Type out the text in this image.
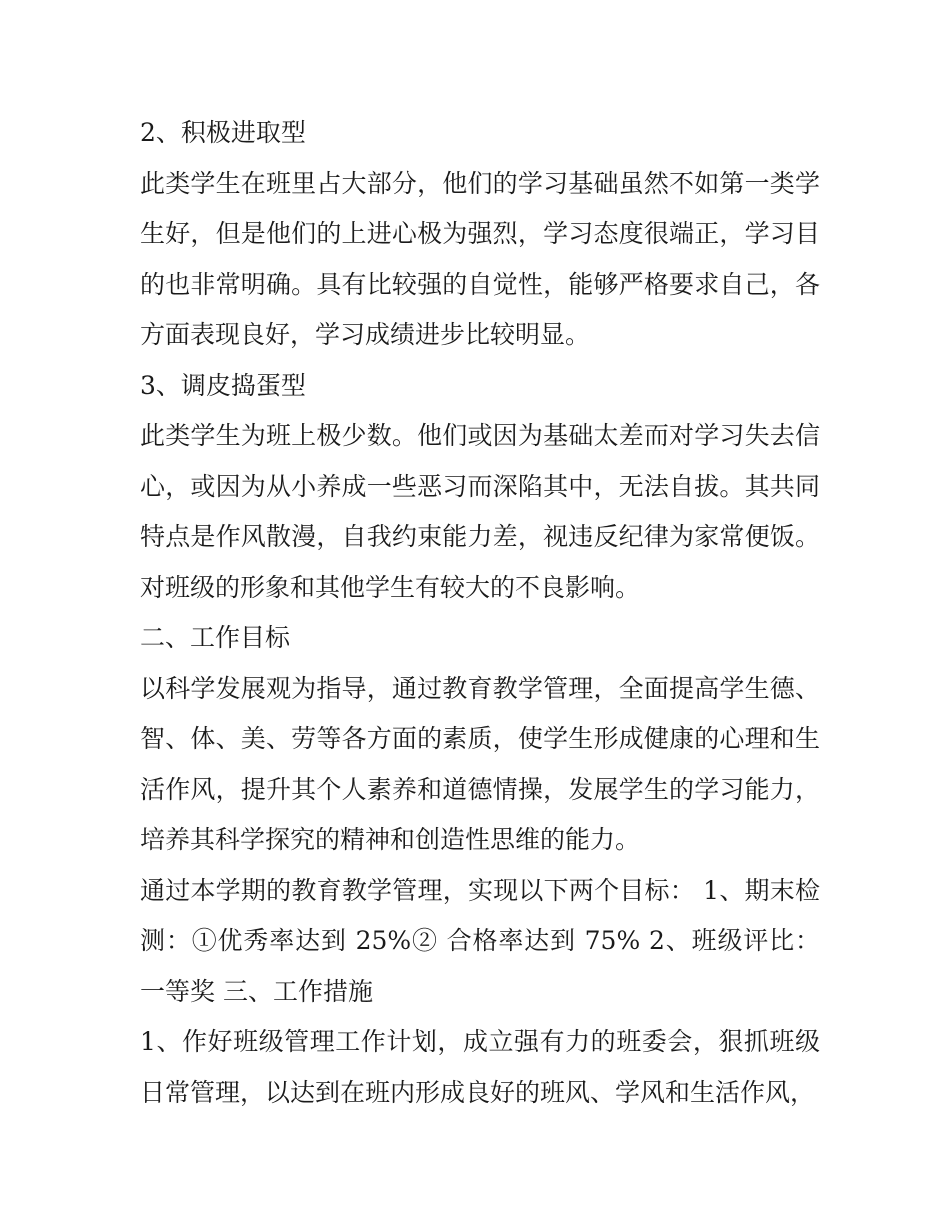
2、积极进取型

此类学生在班里占大部分，他们的学习基础虽然不如第一类学生好，但是他们的上进心极为强烈，学习态度很端正，学习目的也非常明确。具有比较强的自觉性，能够严格要求自己，各方面表现良好，学习成绩进步比较明显。

3、调皮捣蛋型

此类学生为班上极少数。他们或因为基础太差而对学习失去信心，或因为从小养成一些恶习而深陷其中，无法自拔。其共同特点是作风散漫，自我约束能力差，视违反纪律为家常便饭。对班级的形象和其他学生有较大的不良影响。

二、工作目标

以科学发展观为指导，通过教育教学管理，全面提高学生德、智、体、美、劳等各方面的素质，使学生形成健康的心理和生活作风，提升其个人素养和道德情操，发展学生的学习能力，培养其科学探究的精神和创造性思维的能力。

通过本学期的教育教学管理，实现以下两个目标： 1、期末检测：①优秀率达到 25%② 合格率达到 75% 2、班级评比：一等奖 三、工作措施

1、作好班级管理工作计划，成立强有力的班委会，狠抓班级日常管理，以达到在班内形成良好的班风、学风和生活作风，
